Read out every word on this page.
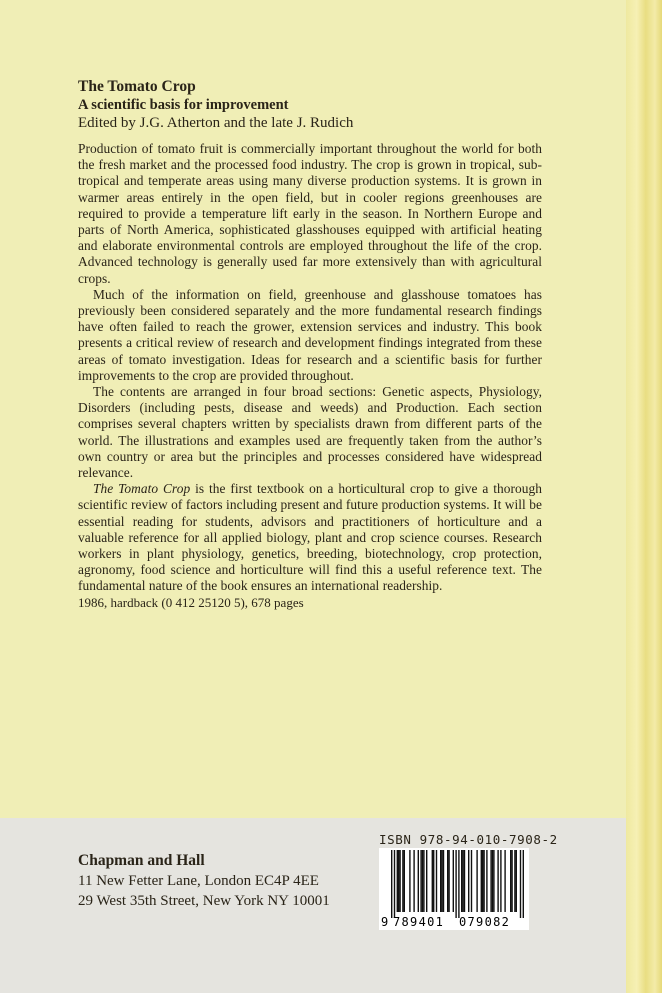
The Tomato Crop

A scientific basis for improvement

Edited by J.G. Atherton and the late J. Rudich

Production of tomato fruit is commercially important throughout the world for both the fresh market and the processed food industry. The crop is grown in tropical, sub-tropical and temperate areas using many diverse production systems. It is grown in warmer areas entirely in the open field, but in cooler regions greenhouses are required to provide a temperature lift early in the season. In Northern Europe and parts of North America, sophisticated glasshouses equipped with artificial heating and elaborate environmental controls are employed throughout the life of the crop. Advanced technology is generally used far more extensively than with agricultural crops.

Much of the information on field, greenhouse and glasshouse tomatoes has previously been considered separately and the more fundamental research findings have often failed to reach the grower, extension services and industry. This book presents a critical review of research and development findings integrated from these areas of tomato investigation. Ideas for research and a scientific basis for further improvements to the crop are provided throughout.

The contents are arranged in four broad sections: Genetic aspects, Physiology, Disorders (including pests, disease and weeds) and Production. Each section comprises several chapters written by specialists drawn from different parts of the world. The illustrations and examples used are frequently taken from the author’s own country or area but the principles and processes considered have widespread relevance.

The Tomato Crop is the first textbook on a horticultural crop to give a thorough scientific review of factors including present and future production systems. It will be essential reading for students, advisors and practitioners of horticulture and a valuable reference for all applied biology, plant and crop science courses. Research workers in plant physiology, genetics, breeding, biotechnology, crop protection, agronomy, food science and horticulture will find this a useful reference text. The fundamental nature of the book ensures an international readership.

1986, hardback (0 412 25120 5), 678 pages

Chapman and Hall

11 New Fetter Lane, London EC4P 4EE

29 West 35th Street, New York NY 10001

ISBN 978-94-010-7908-2
9 789401 079082
